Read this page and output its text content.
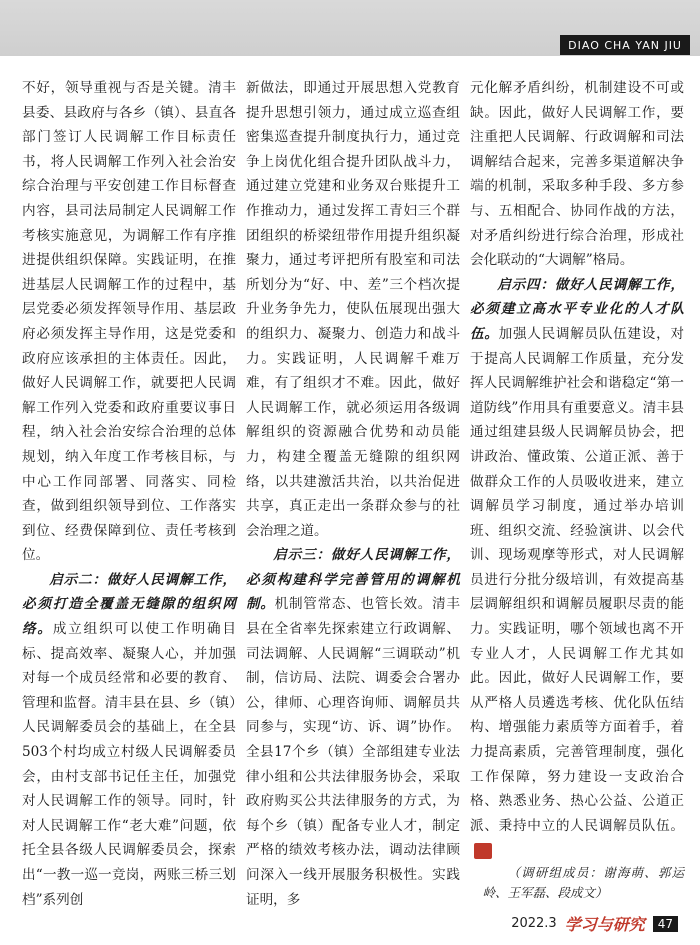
DIAO CHA YAN JIU

不好，领导重视与否是关键。清丰县委、县政府与各乡（镇）、县直各部门签订人民调解工作目标责任书，将人民调解工作列入社会治安综合治理与平安创建工作目标督查内容，县司法局制定人民调解工作考核实施意见，为调解工作有序推进提供组织保障。实践证明，在推进基层人民调解工作的过程中，基层党委必须发挥领导作用、基层政府必须发挥主导作用，这是党委和政府应该承担的主体责任。因此，做好人民调解工作，就要把人民调解工作列入党委和政府重要议事日程，纳入社会治安综合治理的总体规划，纳入年度工作考核目标，与中心工作同部署、同落实、同检查，做到组织领导到位、工作落实到位、经费保障到位、责任考核到位。

启示二：做好人民调解工作，必须打造全覆盖无缝隙的组织网络。成立组织可以使工作明确目标、提高效率、凝聚人心，并加强对每一个成员经常和必要的教育、管理和监督。清丰县在县、乡（镇）人民调解委员会的基础上，在全县503个村均成立村级人民调解委员会，由村支部书记任主任，加强党对人民调解工作的领导。同时，针对人民调解工作“老大难”问题，依托全县各级人民调解委员会，探索出“一教一巡一竞岗，两账三桥三划档”系列创

新做法，即通过开展思想入党教育提升思想引领力，通过成立巡查组密集巡查提升制度执行力，通过竞争上岗优化组合提升团队战斗力，通过建立党建和业务双台账提升工作推动力，通过发挥工青妇三个群团组织的桥梁纽带作用提升组织凝聚力，通过考评把所有股室和司法所划分为“好、中、差”三个档次提升业务争先力，使队伍展现出强大的组织力、凝聚力、创造力和战斗力。实践证明，人民调解千难万难，有了组织才不难。因此，做好人民调解工作，就必须运用各级调解组织的资源融合优势和动员能力，构建全覆盖无缝隙的组织网络，以共建激活共治，以共治促进共享，真正走出一条群众参与的社会治理之道。

启示三：做好人民调解工作，必须构建科学完善管用的调解机制。机制管常态、也管长效。清丰县在全省率先探索建立行政调解、司法调解、人民调解“三调联动”机制，信访局、法院、调委会合署办公，律师、心理咨询师、调解员共同参与，实现“访、诉、调”协作。全县17个乡（镇）全部组建专业法律小组和公共法律服务协会，采取政府购买公共法律服务的方式，为每个乡（镇）配备专业人才，制定严格的绩效考核办法，调动法律顾问深入一线开展服务积极性。实践证明，多

元化解矛盾纠纷，机制建设不可或缺。因此，做好人民调解工作，要注重把人民调解、行政调解和司法调解结合起来，完善多渠道解决争端的机制，采取多种手段、多方参与、五相配合、协同作战的方法，对矛盾纠纷进行综合治理，形成社会化联动的“大调解”格局。

启示四：做好人民调解工作，必须建立高水平专业化的人才队伍。加强人民调解员队伍建设，对于提高人民调解工作质量，充分发挥人民调解维护社会和谐稳定“第一道防线”作用具有重要意义。清丰县通过组建县级人民调解员协会，把讲政治、懂政策、公道正派、善于做群众工作的人员吸收进来，建立调解员学习制度，通过举办培训班、组织交流、经验演讲、以会代训、现场观摩等形式，对人民调解员进行分批分级培训，有效提高基层调解组织和调解员履职尽责的能力。实践证明，哪个领域也离不开专业人才，人民调解工作尤其如此。因此，做好人民调解工作，要从严格人员遴选考核、优化队伍结构、增强能力素质等方面着手，着力提高素质，完善管理制度，强化工作保障，努力建设一支政治合格、熟悉业务、热心公益、公道正派、秉持中立的人民调解员队伍。

（调研组成员：谢海萌、郭运岭、王军磊、段成文）

2022.3 学习与研究	47
